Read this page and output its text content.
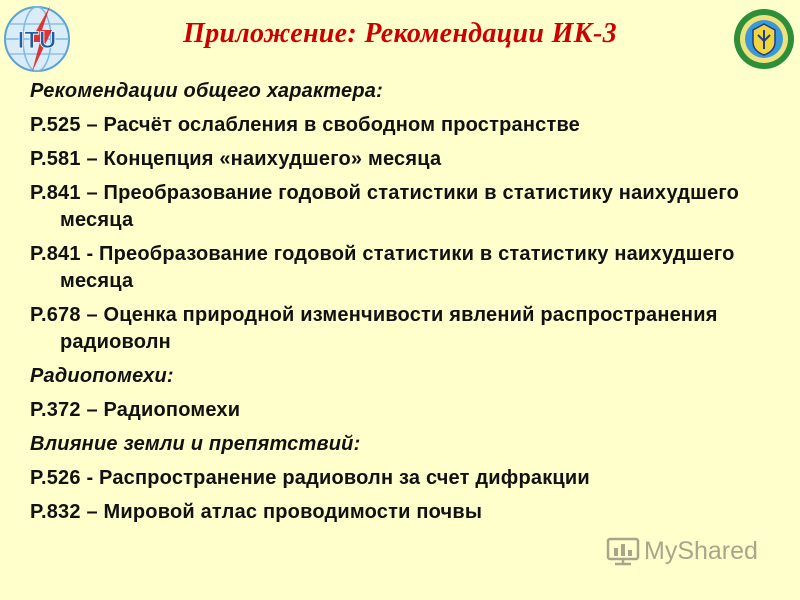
ITU	Приложение: Рекомендации ИК-3
Рекомендации общего характера:
P.525 – Расчёт ослабления в свободном пространстве
P.581 – Концепция «наихудшего» месяца
P.841 – Преобразование годовой статистики в статистику наихудшего месяца
P.841 - Преобразование годовой статистики в статистику наихудшего месяца
P.678 – Оценка природной изменчивости явлений распространения радиоволн
Радиопомехи:
P.372 – Радиопомехи
Влияние земли и препятствий:
P.526 - Распространение радиоволн за счет дифракции
P.832 – Мировой атлас проводимости почвы
MyShared
